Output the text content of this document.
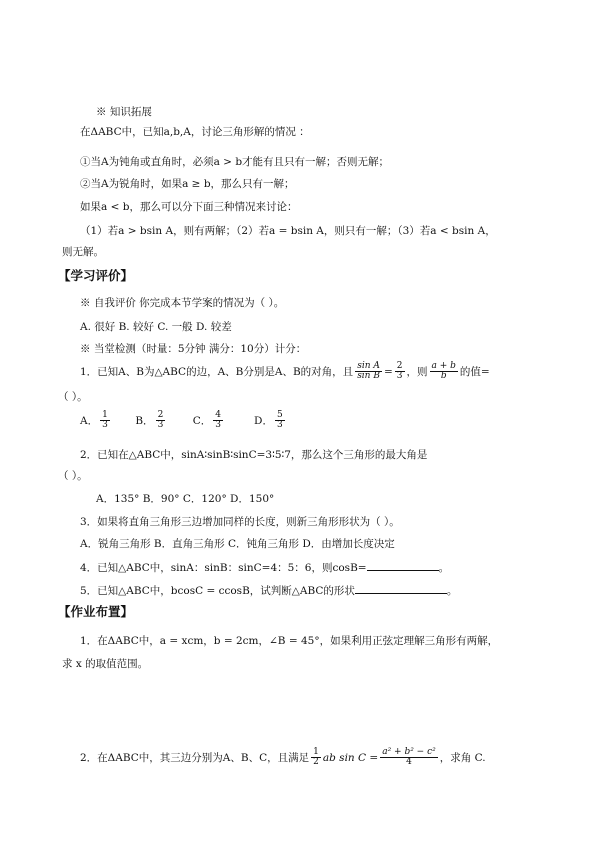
※ 知识拓展
在ΔABC中，已知a,b,A，讨论三角形解的情况 ：
①当A为钝角或直角时，必须a > b才能有且只有一解；否则无解；
②当A为锐角时，如果a ≥ b，那么只有一解；
如果a < b，那么可以分下面三种情况来讨论：
（1）若a > bsin A，则有两解；（2）若a = bsin A，则只有一解；（3）若a < bsin A，
则无解。
【学习评价】
※ 自我评价 你完成本节学案的情况为（ ）。
A. 很好 B. 较好 C. 一般 D. 较差
※ 当堂检测（时量：5分钟 满分：10分）计分：
1．已知A、B为△ABC的边，A、B分别是A、B的对角，且 $\frac{\text{sin A}}{\text{sin B}} = \frac{2}{3}$ ，则 $\frac{a + b}{b}$ 的值=
（ ）。
A． $\frac{1}{3}$ B． $\frac{2}{3}$	C． $\frac{4}{3}$	D． $\frac{5}{3}$
2．已知在△ABC中，sinA∶sinB∶sinC=3∶5∶7，那么这个三角形的最大角是
（ ）。
A．135° B．90° C．120° D．150°
3．如果将直角三角形三边增加同样的长度，则新三角形形状为（ ）。
A．锐角三角形 B．直角三角形 C．钝角三角形 D．由增加长度决定
4．已知△ABC中，sinA：sinB：sinC=4：5：6，则cosB=	。
5．已知△ABC中，bcosC = ccosB，试判断△ABC的形状	。
【作业布置】
1．在ΔABC中，a = xcm，b = 2cm，∠B = 45°，如果利用正弦定理解三角形有两解，
求 x 的取值范围。
2．在ΔABC中，其三边分别为A、B、C，且满足 $\frac{1}{2}$ ab $\sin C = \frac{\text{a² + b² − c²}}{4}$ ，求角 C.
